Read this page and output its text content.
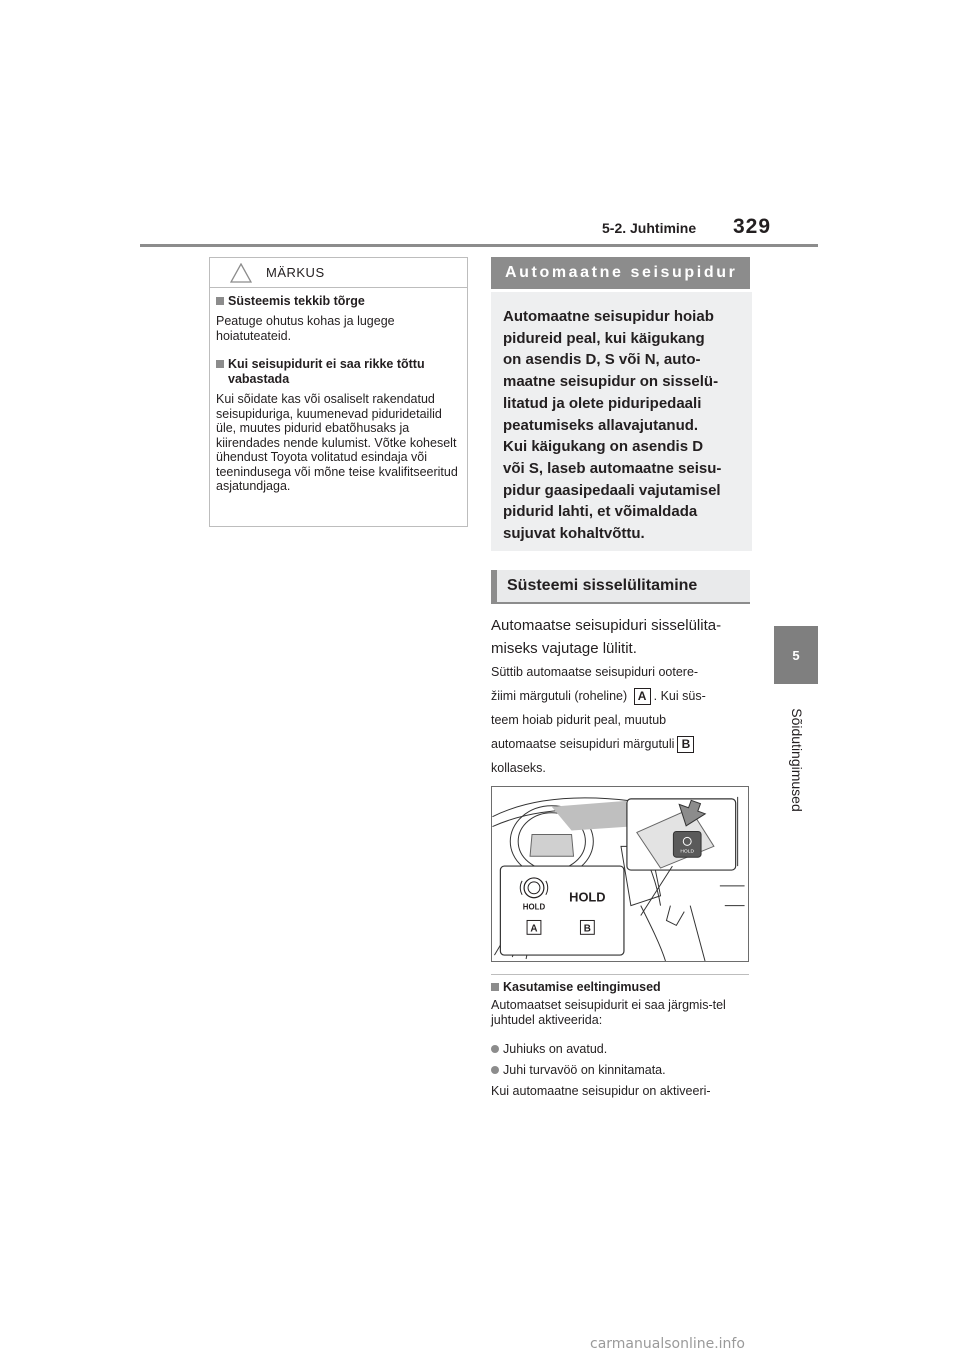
5-2. Juhtimine 329
5
Sõidutingimused
MÄRKUS
Süsteemis tekkib tõrge
Peatuge ohutus kohas ja lugege hoiatuteateid.
Kui seisupidurit ei saa rikke tõttu vabastada
Kui sõidate kas või osaliselt rakendatud seisupiduriga, kuumenevad piduridetailid üle, muutes pidurid ebatõhusaks ja kiirendades nende kulumist. Võtke koheselt ühendust Toyota volitatud esindaja või teenindusega või mõne teise kvalifitseeritud asjatundjaga.
Automaatne seisupidur

Automaatne seisupidur hoiab
pidureid peal, kui käigukang
on asendis D, S või N, auto-
maatne seisupidur on sisselü-
litatud ja olete piduripedaali
peatumiseks allavajutanud.
Kui käigukang on asendis D
või S, laseb automaatne seisu-
pidur gaasipedaali vajutamisel
pidurid lahti, et võimaldada
sujuvat kohaltvõttu.

Süsteemi sisselülitamine
Automaatse seisupiduri sisselülita-miseks vajutage lülitit.
Süttib automaatse seisupiduri ootere-
žiimi märgutuli (roheline) A . Kui süs-
teem hoiab pidurit peal, muutub
automaatse seisupiduri märgutuli B
kollaseks.
HOLD
HOLD
HOLD
A	B
Kasutamise eeltingimused
Automaatset seisupidurit ei saa järgmis-tel juhtudel aktiveerida:
Juhiuks on avatud.
Juhi turvavöö on kinnitamata.
Kui automaatne seisupidur on aktiveeri-
carmanualsonline.info
